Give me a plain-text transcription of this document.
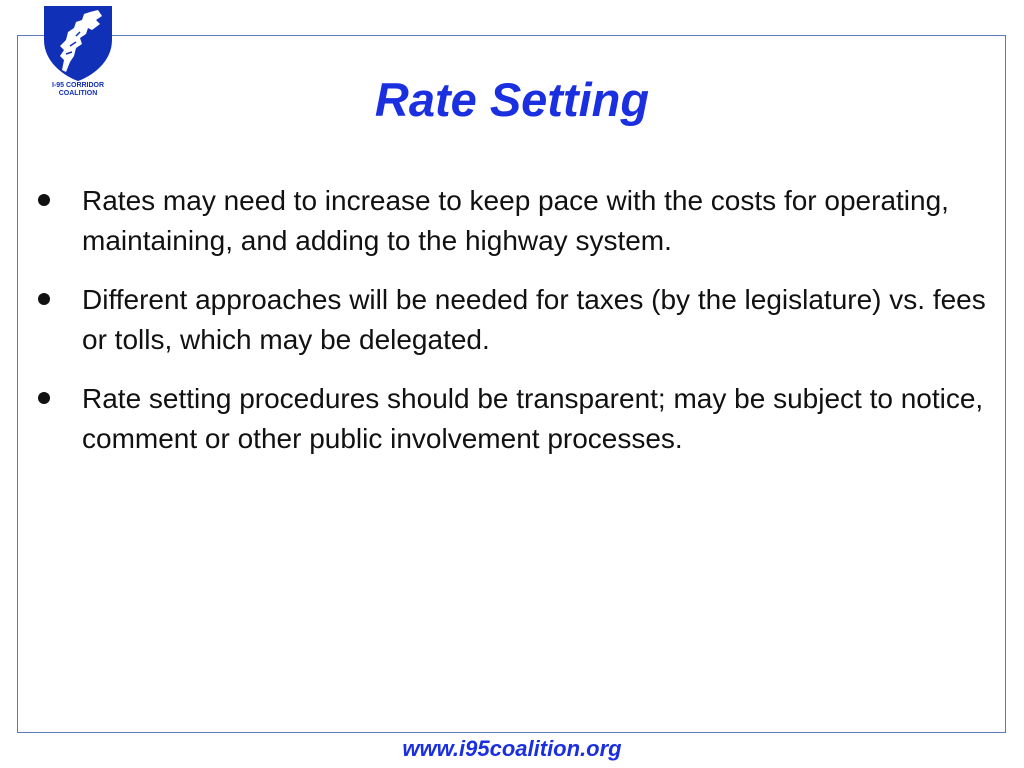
I-95 CORRIDOR
COALITION	Rate Setting
Rates may need to increase to keep pace with the costs for operating, maintaining, and adding to the highway system.
Different approaches will be needed for taxes (by the legislature) vs. fees or tolls, which may be delegated.
Rate setting procedures should be transparent; may be subject to notice, comment or other public involvement processes.
www.i95coalition.org
